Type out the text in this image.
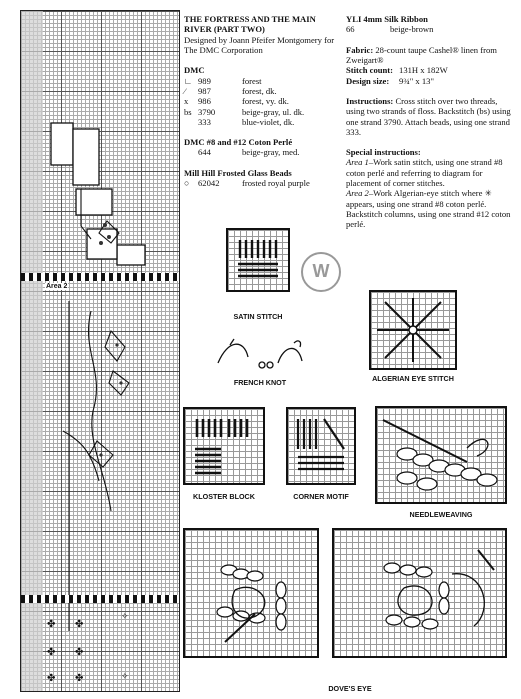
✤ ✤
✤ ✤
✤ ✤
✧
✧
Area 2
THE FORTRESS AND THE MAIN RIVER (PART TWO)
Designed by Joann Pfeifer Montgomery for The DMC Corporation
DMC
∟	989	forest
⁄	987	forest, dk.
x	986	forest, vy. dk.
bs	3790	beige-gray, ul. dk.
	333	blue-violet, dk.
DMC #8 and #12 Coton Perlé
	644	beige-gray, med.
Mill Hill Frosted Glass Beads
○	62042	frosted royal purple
YLI 4mm Silk Ribbon
66	beige-brown
Fabric: 28-count taupe Cashel® linen from Zweigart®
Stitch count:	131H x 182W
Design size:	9¾" x 13"
Instructions: Cross stitch over two threads, using two strands of floss. Backstitch (bs) using one strand 3790. Attach beads, using one strand 333.
Special instructions:
Area 1–Work satin stitch, using one strand #8 coton perlé and referring to diagram for placement of corner stitches.
Area 2–Work Algerian-eye stitch where ✳ appears, using one strand #8 coton perlé. Backstitch columns, using one strand #12 coton perlé.
W
SATIN STITCH
FRENCH KNOT	ALGERIAN EYE STITCH
KLOSTER BLOCK	CORNER MOTIF
NEEDLEWEAVING
DOVE'S EYE
